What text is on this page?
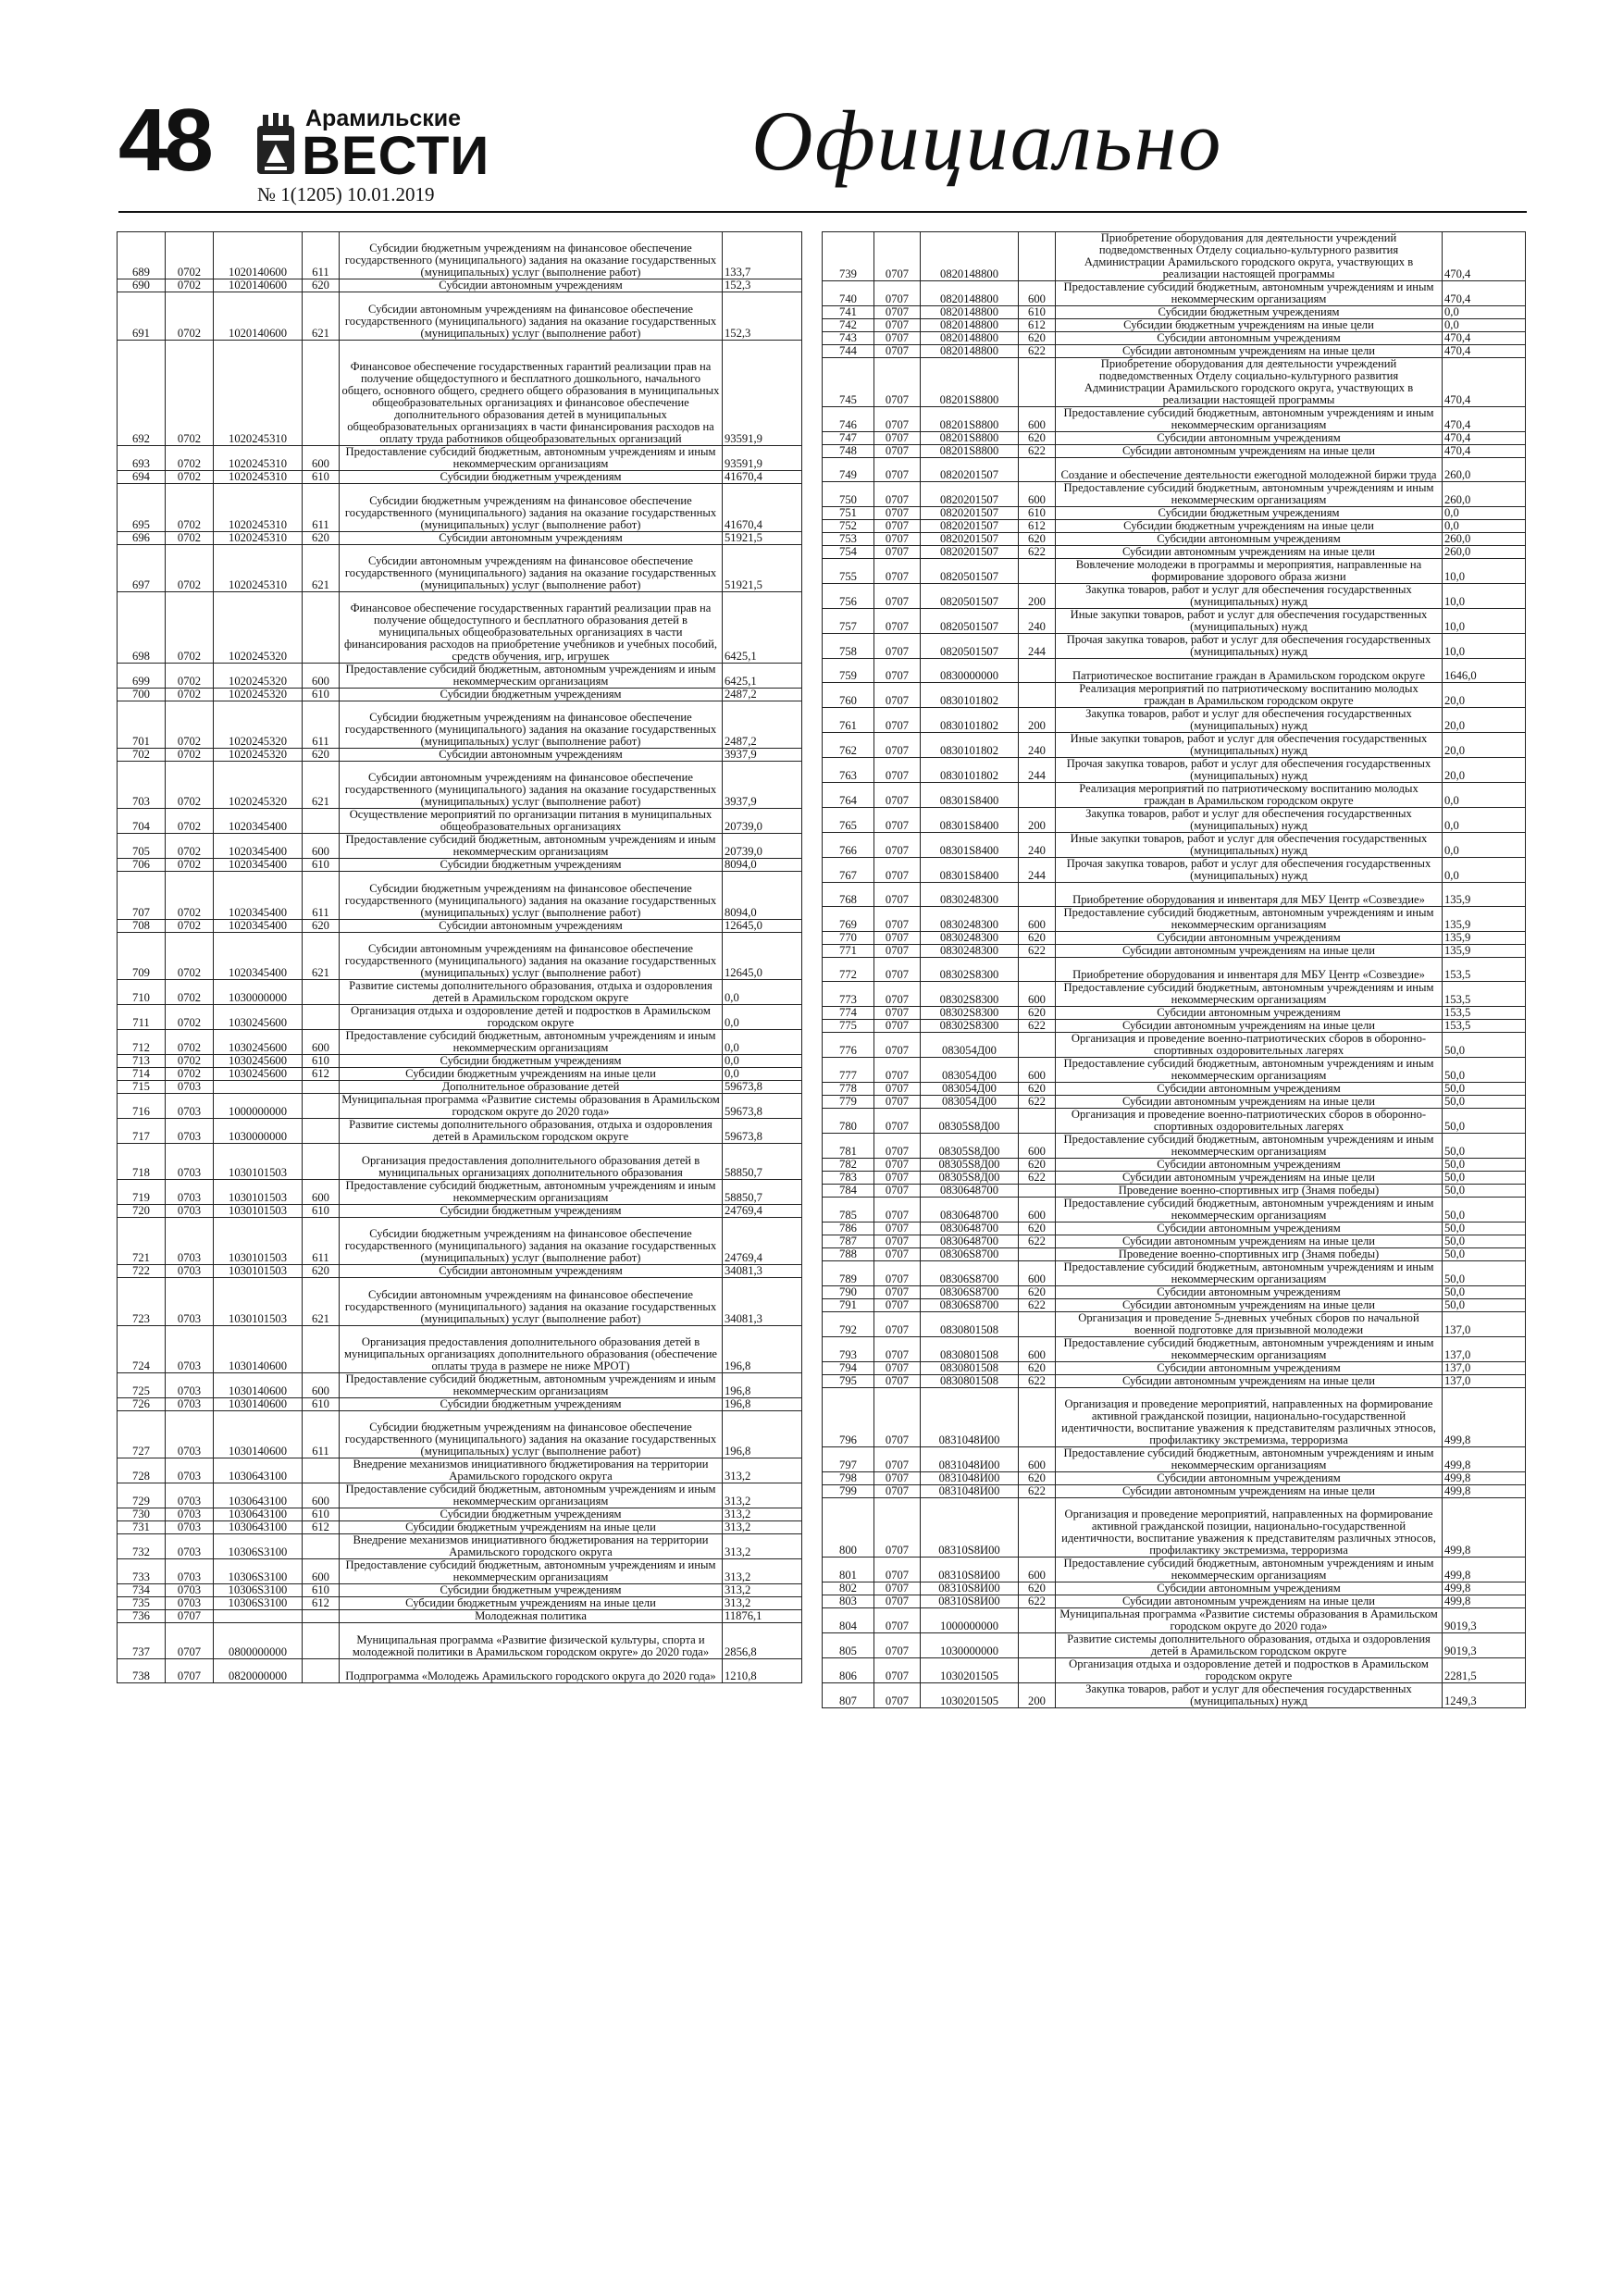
48	Арамильские
ВЕСТИ
№ 1(1205) 10.01.2019
Официально
689	0702	1020140600	611	Субсидии бюджетным учреждениям на финансовое обеспечение государственного (муниципального) задания на оказание государственных (муниципальных) услуг (выполнение работ)	133,7
690	0702	1020140600	620	Субсидии автономным учреждениям	152,3
691	0702	1020140600	621	Субсидии автономным учреждениям на финансовое обеспечение государственного (муниципального) задания на оказание государственных (муниципальных) услуг (выполнение работ)	152,3
692	0702	1020245310		Финансовое обеспечение государственных гарантий реализации прав на получение общедоступного и бесплатного дошкольного, начального общего, основного общего, среднего общего образования в муниципальных общеобразовательных организациях и финансовое обеспечение дополнительного образования детей в муниципальных общеобразовательных организациях в части финансирования расходов на оплату труда работников общеобразовательных организаций	93591,9
693	0702	1020245310	600	Предоставление субсидий бюджетным, автономным учреждениям и иным некоммерческим организациям	93591,9
694	0702	1020245310	610	Субсидии бюджетным учреждениям	41670,4
695	0702	1020245310	611	Субсидии бюджетным учреждениям на финансовое обеспечение государственного (муниципального) задания на оказание государственных (муниципальных) услуг (выполнение работ)	41670,4
696	0702	1020245310	620	Субсидии автономным учреждениям	51921,5
697	0702	1020245310	621	Субсидии автономным учреждениям на финансовое обеспечение государственного (муниципального) задания на оказание государственных (муниципальных) услуг (выполнение работ)	51921,5
698	0702	1020245320		Финансовое обеспечение государственных гарантий реализации прав на получение общедоступного и бесплатного образования детей в муниципальных общеобразовательных организациях в части финансирования расходов на приобретение учебников и учебных пособий, средств обучения, игр, игрушек	6425,1
699	0702	1020245320	600	Предоставление субсидий бюджетным, автономным учреждениям и иным некоммерческим организациям	6425,1
700	0702	1020245320	610	Субсидии бюджетным учреждениям	2487,2
701	0702	1020245320	611	Субсидии бюджетным учреждениям на финансовое обеспечение государственного (муниципального) задания на оказание государственных (муниципальных) услуг (выполнение работ)	2487,2
702	0702	1020245320	620	Субсидии автономным учреждениям	3937,9
703	0702	1020245320	621	Субсидии автономным учреждениям на финансовое обеспечение государственного (муниципального) задания на оказание государственных (муниципальных) услуг (выполнение работ)	3937,9
704	0702	1020345400		Осуществление мероприятий по организации питания в муниципальных общеобразовательных организациях	20739,0
705	0702	1020345400	600	Предоставление субсидий бюджетным, автономным учреждениям и иным некоммерческим организациям	20739,0
706	0702	1020345400	610	Субсидии бюджетным учреждениям	8094,0
707	0702	1020345400	611	Субсидии бюджетным учреждениям на финансовое обеспечение государственного (муниципального) задания на оказание государственных (муниципальных) услуг (выполнение работ)	8094,0
708	0702	1020345400	620	Субсидии автономным учреждениям	12645,0
709	0702	1020345400	621	Субсидии автономным учреждениям на финансовое обеспечение государственного (муниципального) задания на оказание государственных (муниципальных) услуг (выполнение работ)	12645,0
710	0702	1030000000		Развитие системы дополнительного образования, отдыха и оздоровления детей в Арамильском городском округе	0,0
711	0702	1030245600		Организация отдыха и оздоровление детей и подростков в Арамильском городском округе	0,0
712	0702	1030245600	600	Предоставление субсидий бюджетным, автономным учреждениям и иным некоммерческим организациям	0,0
713	0702	1030245600	610	Субсидии бюджетным учреждениям	0,0
714	0702	1030245600	612	Субсидии бюджетным учреждениям на иные цели	0,0
715	0703			Дополнительное образование детей	59673,8
716	0703	1000000000		Муниципальная программа «Развитие системы образования в Арамильском городском округе до 2020 года»	59673,8
717	0703	1030000000		Развитие системы дополнительного образования, отдыха и оздоровления детей в Арамильском городском округе	59673,8
718	0703	1030101503		Организация предоставления дополнительного образования детей в муниципальных организациях дополнительного образования	58850,7
719	0703	1030101503	600	Предоставление субсидий бюджетным, автономным учреждениям и иным некоммерческим организациям	58850,7
720	0703	1030101503	610	Субсидии бюджетным учреждениям	24769,4
721	0703	1030101503	611	Субсидии бюджетным учреждениям на финансовое обеспечение государственного (муниципального) задания на оказание государственных (муниципальных) услуг (выполнение работ)	24769,4
722	0703	1030101503	620	Субсидии автономным учреждениям	34081,3
723	0703	1030101503	621	Субсидии автономным учреждениям на финансовое обеспечение государственного (муниципального) задания на оказание государственных (муниципальных) услуг (выполнение работ)	34081,3
724	0703	1030140600		Организация предоставления дополнительного образования детей в муниципальных организациях дополнительного образования (обеспечение оплаты труда в размере не ниже МРОТ)	196,8
725	0703	1030140600	600	Предоставление субсидий бюджетным, автономным учреждениям и иным некоммерческим организациям	196,8
726	0703	1030140600	610	Субсидии бюджетным учреждениям	196,8
727	0703	1030140600	611	Субсидии бюджетным учреждениям на финансовое обеспечение государственного (муниципального) задания на оказание государственных (муниципальных) услуг (выполнение работ)	196,8
728	0703	1030643100		Внедрение механизмов инициативного бюджетирования на территории Арамильского городского округа	313,2
729	0703	1030643100	600	Предоставление субсидий бюджетным, автономным учреждениям и иным некоммерческим организациям	313,2
730	0703	1030643100	610	Субсидии бюджетным учреждениям	313,2
731	0703	1030643100	612	Субсидии бюджетным учреждениям на иные цели	313,2
732	0703	10306S3100		Внедрение механизмов инициативного бюджетирования на территории Арамильского городского округа	313,2
733	0703	10306S3100	600	Предоставление субсидий бюджетным, автономным учреждениям и иным некоммерческим организациям	313,2
734	0703	10306S3100	610	Субсидии бюджетным учреждениям	313,2
735	0703	10306S3100	612	Субсидии бюджетным учреждениям на иные цели	313,2
736	0707			Молодежная политика	11876,1
737	0707	0800000000		Муниципальная программа «Развитие физической культуры, спорта и молодежной политики в Арамильском городском округе» до 2020 года»	2856,8
738	0707	0820000000		Подпрограмма «Молодежь Арамильского городского округа до 2020 года»	1210,8
739	0707	0820148800		Приобретение оборудования для деятельности учреждений подведомственных Отделу социально-культурного развития Администрации Арамильского городского округа, участвующих в реализации настоящей программы	470,4
740	0707	0820148800	600	Предоставление субсидий бюджетным, автономным учреждениям и иным некоммерческим организациям	470,4
741	0707	0820148800	610	Субсидии бюджетным учреждениям	0,0
742	0707	0820148800	612	Субсидии бюджетным учреждениям на иные цели	0,0
743	0707	0820148800	620	Субсидии автономным учреждениям	470,4
744	0707	0820148800	622	Субсидии автономным учреждениям на иные цели	470,4
745	0707	08201S8800		Приобретение оборудования для деятельности учреждений подведомственных Отделу социально-культурного развития Администрации Арамильского городского округа, участвующих в реализации настоящей программы	470,4
746	0707	08201S8800	600	Предоставление субсидий бюджетным, автономным учреждениям и иным некоммерческим организациям	470,4
747	0707	08201S8800	620	Субсидии автономным учреждениям	470,4
748	0707	08201S8800	622	Субсидии автономным учреждениям на иные цели	470,4
749	0707	0820201507		Создание и обеспечение деятельности ежегодной молодежной биржи труда	260,0
750	0707	0820201507	600	Предоставление субсидий бюджетным, автономным учреждениям и иным некоммерческим организациям	260,0
751	0707	0820201507	610	Субсидии бюджетным учреждениям	0,0
752	0707	0820201507	612	Субсидии бюджетным учреждениям на иные цели	0,0
753	0707	0820201507	620	Субсидии автономным учреждениям	260,0
754	0707	0820201507	622	Субсидии автономным учреждениям на иные цели	260,0
755	0707	0820501507		Вовлечение молодежи в программы и мероприятия, направленные на формирование здорового образа жизни	10,0
756	0707	0820501507	200	Закупка товаров, работ и услуг для обеспечения государственных (муниципальных) нужд	10,0
757	0707	0820501507	240	Иные закупки товаров, работ и услуг для обеспечения государственных (муниципальных) нужд	10,0
758	0707	0820501507	244	Прочая закупка товаров, работ и услуг для обеспечения государственных (муниципальных) нужд	10,0
759	0707	0830000000		Патриотическое воспитание граждан в Арамильском городском округе	1646,0
760	0707	0830101802		Реализация мероприятий по патриотическому воспитанию молодых граждан в Арамильском городском округе	20,0
761	0707	0830101802	200	Закупка товаров, работ и услуг для обеспечения государственных (муниципальных) нужд	20,0
762	0707	0830101802	240	Иные закупки товаров, работ и услуг для обеспечения государственных (муниципальных) нужд	20,0
763	0707	0830101802	244	Прочая закупка товаров, работ и услуг для обеспечения государственных (муниципальных) нужд	20,0
764	0707	08301S8400		Реализация мероприятий по патриотическому воспитанию молодых граждан в Арамильском городском округе	0,0
765	0707	08301S8400	200	Закупка товаров, работ и услуг для обеспечения государственных (муниципальных) нужд	0,0
766	0707	08301S8400	240	Иные закупки товаров, работ и услуг для обеспечения государственных (муниципальных) нужд	0,0
767	0707	08301S8400	244	Прочая закупка товаров, работ и услуг для обеспечения государственных (муниципальных) нужд	0,0
768	0707	0830248300		Приобретение оборудования и инвентаря для МБУ Центр «Созвездие»	135,9
769	0707	0830248300	600	Предоставление субсидий бюджетным, автономным учреждениям и иным некоммерческим организациям	135,9
770	0707	0830248300	620	Субсидии автономным учреждениям	135,9
771	0707	0830248300	622	Субсидии автономным учреждениям на иные цели	135,9
772	0707	08302S8300		Приобретение оборудования и инвентаря для МБУ Центр «Созвездие»	153,5
773	0707	08302S8300	600	Предоставление субсидий бюджетным, автономным учреждениям и иным некоммерческим организациям	153,5
774	0707	08302S8300	620	Субсидии автономным учреждениям	153,5
775	0707	08302S8300	622	Субсидии автономным учреждениям на иные цели	153,5
776	0707	083054Д00		Организация и проведение военно-патриотических сборов в оборонно-спортивных оздоровительных лагерях	50,0
777	0707	083054Д00	600	Предоставление субсидий бюджетным, автономным учреждениям и иным некоммерческим организациям	50,0
778	0707	083054Д00	620	Субсидии автономным учреждениям	50,0
779	0707	083054Д00	622	Субсидии автономным учреждениям на иные цели	50,0
780	0707	08305S8Д00		Организация и проведение военно-патриотических сборов в оборонно-спортивных оздоровительных лагерях	50,0
781	0707	08305S8Д00	600	Предоставление субсидий бюджетным, автономным учреждениям и иным некоммерческим организациям	50,0
782	0707	08305S8Д00	620	Субсидии автономным учреждениям	50,0
783	0707	08305S8Д00	622	Субсидии автономным учреждениям на иные цели	50,0
784	0707	0830648700		Проведение военно-спортивных игр (Знамя победы)	50,0
785	0707	0830648700	600	Предоставление субсидий бюджетным, автономным учреждениям и иным некоммерческим организациям	50,0
786	0707	0830648700	620	Субсидии автономным учреждениям	50,0
787	0707	0830648700	622	Субсидии автономным учреждениям на иные цели	50,0
788	0707	08306S8700		Проведение военно-спортивных игр (Знамя победы)	50,0
789	0707	08306S8700	600	Предоставление субсидий бюджетным, автономным учреждениям и иным некоммерческим организациям	50,0
790	0707	08306S8700	620	Субсидии автономным учреждениям	50,0
791	0707	08306S8700	622	Субсидии автономным учреждениям на иные цели	50,0
792	0707	0830801508		Организация и проведение 5-дневных учебных сборов по начальной военной подготовке для призывной молодежи	137,0
793	0707	0830801508	600	Предоставление субсидий бюджетным, автономным учреждениям и иным некоммерческим организациям	137,0
794	0707	0830801508	620	Субсидии автономным учреждениям	137,0
795	0707	0830801508	622	Субсидии автономным учреждениям на иные цели	137,0
796	0707	0831048И00		Организация и проведение мероприятий, направленных на формирование активной гражданской позиции, национально-государственной идентичности, воспитание уважения к представителям различных этносов, профилактику экстремизма, терроризма	499,8
797	0707	0831048И00	600	Предоставление субсидий бюджетным, автономным учреждениям и иным некоммерческим организациям	499,8
798	0707	0831048И00	620	Субсидии автономным учреждениям	499,8
799	0707	0831048И00	622	Субсидии автономным учреждениям на иные цели	499,8
800	0707	08310S8И00		Организация и проведение мероприятий, направленных на формирование активной гражданской позиции, национально-государственной идентичности, воспитание уважения к представителям различных этносов, профилактику экстремизма, терроризма	499,8
801	0707	08310S8И00	600	Предоставление субсидий бюджетным, автономным учреждениям и иным некоммерческим организациям	499,8
802	0707	08310S8И00	620	Субсидии автономным учреждениям	499,8
803	0707	08310S8И00	622	Субсидии автономным учреждениям на иные цели	499,8
804	0707	1000000000		Муниципальная программа «Развитие системы образования в Арамильском городском округе до 2020 года»	9019,3
805	0707	1030000000		Развитие системы дополнительного образования, отдыха и оздоровления детей в Арамильском городском округе	9019,3
806	0707	1030201505		Организация отдыха и оздоровление детей и подростков в Арамильском городском округе	2281,5
807	0707	1030201505	200	Закупка товаров, работ и услуг для обеспечения государственных (муниципальных) нужд	1249,3
